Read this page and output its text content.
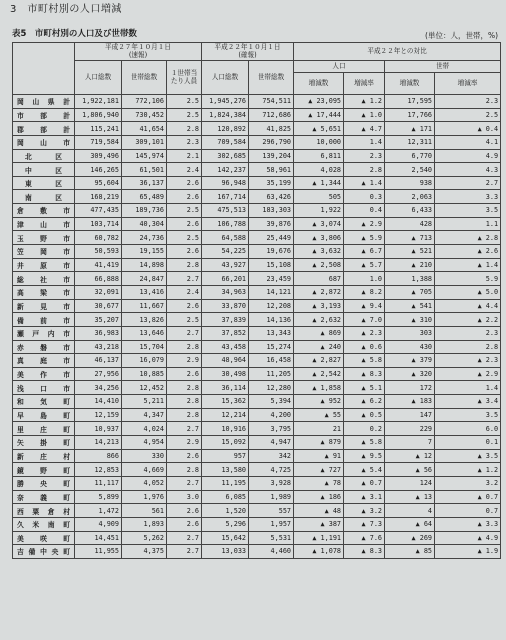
3　市町村別の人口増減
表5　市町村別の人口及び世帯数	(単位：人，世帯，%)
	平成２７年１０月１日
(速報)			平成２２年１０月１日
(確報)		平成２２年との対比			
	人口総数	世帯総数	１世帯当たり人員	人口総数	世帯総数	人口		世帯	
						増減数	増減率	増減数	増減率
岡山県計	1,922,181	772,106	2.5	1,945,276	754,511	▲ 23,095	▲ 1.2	17,595	2.3
市部計	1,806,940	730,452	2.5	1,824,384	712,686	▲ 17,444	▲ 1.0	17,766	2.5
郡部計	115,241	41,654	2.8	120,892	41,825	▲ 5,651	▲ 4.7	▲ 171	▲ 0.4
岡山市	719,584	309,101	2.3	709,584	296,790	10,000	1.4	12,311	4.1
北区	309,496	145,974	2.1	302,685	139,204	6,811	2.3	6,770	4.9
中区	146,265	61,501	2.4	142,237	58,961	4,028	2.8	2,540	4.3
東区	95,604	36,137	2.6	96,948	35,199	▲ 1,344	▲ 1.4	938	2.7
南区	168,219	65,489	2.6	167,714	63,426	505	0.3	2,063	3.3
倉敷市	477,435	189,736	2.5	475,513	183,303	1,922	0.4	6,433	3.5
津山市	103,714	40,304	2.6	106,788	39,876	▲ 3,074	▲ 2.9	428	1.1
玉野市	60,782	24,736	2.5	64,588	25,449	▲ 3,806	▲ 5.9	▲ 713	▲ 2.8
笠岡市	50,593	19,155	2.6	54,225	19,676	▲ 3,632	▲ 6.7	▲ 521	▲ 2.6
井原市	41,419	14,898	2.8	43,927	15,108	▲ 2,508	▲ 5.7	▲ 210	▲ 1.4
総社市	66,888	24,847	2.7	66,201	23,459	687	1.0	1,388	5.9
高梁市	32,091	13,416	2.4	34,963	14,121	▲ 2,872	▲ 8.2	▲ 705	▲ 5.0
新見市	30,677	11,667	2.6	33,870	12,208	▲ 3,193	▲ 9.4	▲ 541	▲ 4.4
備前市	35,207	13,826	2.5	37,839	14,136	▲ 2,632	▲ 7.0	▲ 310	▲ 2.2
瀬戸内市	36,983	13,646	2.7	37,852	13,343	▲ 869	▲ 2.3	303	2.3
赤磐市	43,218	15,704	2.8	43,458	15,274	▲ 240	▲ 0.6	430	2.8
真庭市	46,137	16,079	2.9	48,964	16,458	▲ 2,827	▲ 5.8	▲ 379	▲ 2.3
美作市	27,956	10,885	2.6	30,498	11,205	▲ 2,542	▲ 8.3	▲ 320	▲ 2.9
浅口市	34,256	12,452	2.8	36,114	12,280	▲ 1,858	▲ 5.1	172	1.4
和気町	14,410	5,211	2.8	15,362	5,394	▲ 952	▲ 6.2	▲ 183	▲ 3.4
早島町	12,159	4,347	2.8	12,214	4,200	▲ 55	▲ 0.5	147	3.5
里庄町	10,937	4,024	2.7	10,916	3,795	21	0.2	229	6.0
矢掛町	14,213	4,954	2.9	15,092	4,947	▲ 879	▲ 5.8	7	0.1
新庄村	866	330	2.6	957	342	▲ 91	▲ 9.5	▲ 12	▲ 3.5
鏡野町	12,853	4,669	2.8	13,580	4,725	▲ 727	▲ 5.4	▲ 56	▲ 1.2
勝央町	11,117	4,052	2.7	11,195	3,928	▲ 78	▲ 0.7	124	3.2
奈義町	5,899	1,976	3.0	6,085	1,989	▲ 186	▲ 3.1	▲ 13	▲ 0.7
西粟倉村	1,472	561	2.6	1,520	557	▲ 48	▲ 3.2	4	0.7
久米南町	4,909	1,893	2.6	5,296	1,957	▲ 387	▲ 7.3	▲ 64	▲ 3.3
美咲町	14,451	5,262	2.7	15,642	5,531	▲ 1,191	▲ 7.6	▲ 269	▲ 4.9
吉備中央町	11,955	4,375	2.7	13,033	4,460	▲ 1,078	▲ 8.3	▲ 85	▲ 1.9
